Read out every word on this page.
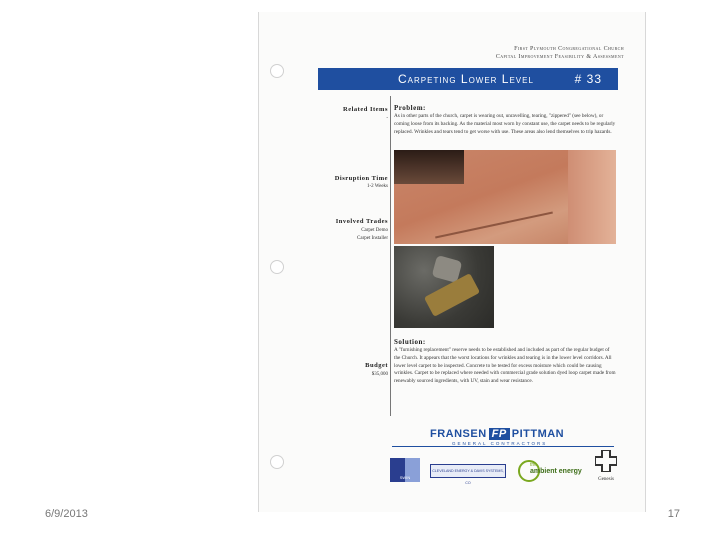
First Plymouth Congregational Church
Capital Improvement Feasibility & Assessment
Carpeting Lower Level	# 33
Related Items
-
Disruption Time
1-2 Weeks
Involved Trades
Carpet Demo
Carpet Installer
Budget
$35,000
Problem:
As in other parts of the church, carpet is wearing out, unravelling, tearing, "zippered" (see below), or coming loose from its backing. As the material most worn by constant use, the carpet needs to be regularly replaced. Wrinkles and tears tend to get worse with use. These areas also lend themselves to trip hazards.
Solution:
A "furnishing replacement" reserve needs to be established and included as part of the regular budget of the Church. It appears that the worst locations for wrinkles and tearing is in the lower level corridors. All lower level carpet to be inspected. Concrete to be tested for excess moisture which could be causing wrinkles. Carpet to be replaced where needed with commercial grade solution dyed loop carpet made from renewably sourced ingredients, with UV, stain and wear resistance.
FRANSEN FP PITTMAN
GENERAL CONTRACTORS
SWIN
CLEVELAND ENERGY & DAVIS SYSTEMS, CO
the
ambient energy
Genesis
6/9/2013	17
